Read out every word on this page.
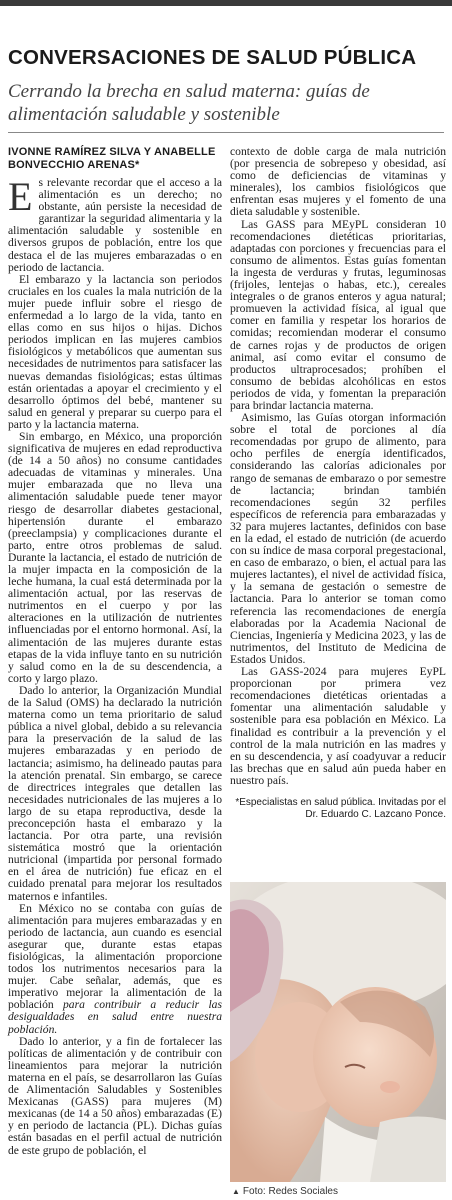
CONVERSACIONES DE SALUD PÚBLICA
Cerrando la brecha en salud materna: guías de alimentación saludable y sostenible
IVONNE RAMÍREZ SILVA Y ANABELLE BONVECCHIO ARENAS*

Es relevante recordar que el acceso a la alimentación es un derecho; no obstante, aún persiste la necesidad de garantizar la seguridad alimentaria y la alimentación saludable y sostenible en diversos grupos de población, entre los que destaca el de las mujeres embarazadas o en periodo de lactancia.

El embarazo y la lactancia son periodos cruciales en los cuales la mala nutrición de la mujer puede influir sobre el riesgo de enfermedad a lo largo de la vida, tanto en ellas como en sus hijos o hijas. Dichos periodos implican en las mujeres cambios fisiológicos y metabólicos que aumentan sus necesidades de nutrimentos para satisfacer las nuevas demandas fisiológicas; estas últimas están orientadas a apoyar el crecimiento y el desarrollo óptimos del bebé, mantener su salud en general y preparar su cuerpo para el parto y la lactancia materna.

Sin embargo, en México, una proporción significativa de mujeres en edad reproductiva (de 14 a 50 años) no consume cantidades adecuadas de vitaminas y minerales. Una mujer embarazada que no lleva una alimentación saludable puede tener mayor riesgo de desarrollar diabetes gestacional, hipertensión durante el embarazo (preeclampsia) y complicaciones durante el parto, entre otros problemas de salud. Durante la lactancia, el estado de nutrición de la mujer impacta en la composición de la leche humana, la cual está determinada por la alimentación actual, por las reservas de nutrimentos en el cuerpo y por las alteraciones en la utilización de nutrientes influenciadas por el entorno hormonal. Así, la alimentación de las mujeres durante estas etapas de la vida influye tanto en su nutrición y salud como en la de su descendencia, a corto y largo plazo.

Dado lo anterior, la Organización Mundial de la Salud (OMS) ha declarado la nutrición materna como un tema prioritario de salud pública a nivel global, debido a su relevancia para la preservación de la salud de las mujeres embarazadas y en periodo de lactancia; asimismo, ha delineado pautas para la atención prenatal. Sin embargo, se carece de directrices integrales que detallen las necesidades nutricionales de las mujeres a lo largo de su etapa reproductiva, desde la preconcepción hasta el embarazo y la lactancia. Por otra parte, una revisión sistemática mostró que la orientación nutricional (impartida por personal formado en el área de nutrición) fue eficaz en el cuidado prenatal para mejorar los resultados maternos e infantiles.

En México no se contaba con guías de alimentación para mujeres embarazadas y en periodo de lactancia, aun cuando es esencial asegurar que, durante estas etapas fisiológicas, la alimentación proporcione todos los nutrimentos necesarios para la mujer. Cabe señalar, además, que es imperativo mejorar la alimentación de la población para contribuir a reducir las desigualdades en salud entre nuestra población.

Dado lo anterior, y a fin de fortalecer las políticas de alimentación y de contribuir con lineamientos para mejorar la nutrición materna en el país, se desarrollaron las Guías de Alimentación Saludables y Sostenibles Mexicanas (GASS) para mujeres (M) mexicanas (de 14 a 50 años) embarazadas (E) y en periodo de lactancia (PL). Dichas guías están basadas en el perfil actual de nutrición de este grupo de población, el

contexto de doble carga de mala nutrición (por presencia de sobrepeso y obesidad, así como de deficiencias de vitaminas y minerales), los cambios fisiológicos que enfrentan esas mujeres y el fomento de una dieta saludable y sostenible.

Las GASS para MEyPL consideran 10 recomendaciones dietéticas prioritarias, adaptadas con porciones y frecuencias para el consumo de alimentos. Estas guías fomentan la ingesta de verduras y frutas, leguminosas (frijoles, lentejas o habas, etc.), cereales integrales o de granos enteros y agua natural; promueven la actividad física, al igual que comer en familia y respetar los horarios de comidas; recomiendan moderar el consumo de carnes rojas y de productos de origen animal, así como evitar el consumo de productos ultraprocesados; prohíben el consumo de bebidas alcohólicas en estos periodos de vida, y fomentan la preparación para brindar lactancia materna.

Asimismo, las Guías otorgan información sobre el total de porciones al día recomendadas por grupo de alimento, para ocho perfiles de energía identificados, considerando las calorías adicionales por rango de semanas de embarazo o por semestre de lactancia; brindan también recomendaciones según 32 perfiles específicos de referencia para embarazadas y 32 para mujeres lactantes, definidos con base en la edad, el estado de nutrición (de acuerdo con su índice de masa corporal pregestacional, en caso de embarazo, o bien, el actual para las mujeres lactantes), el nivel de actividad física, y la semana de gestación o semestre de lactancia. Para lo anterior se toman como referencia las recomendaciones de energía elaboradas por la Academia Nacional de Ciencias, Ingeniería y Medicina 2023, y las de nutrimentos, del Instituto de Medicina de Estados Unidos.

Las GASS-2024 para mujeres EyPL proporcionan por primera vez recomendaciones dietéticas orientadas a fomentar una alimentación saludable y sostenible para esa población en México. La finalidad es contribuir a la prevención y el control de la mala nutrición en las madres y en su descendencia, y así coadyuvar a reducir las brechas que en salud aún pueda haber en nuestro país.

*Especialistas en salud pública. Invitadas por el Dr. Eduardo C. Lazcano Ponce.
▲ Foto: Redes Sociales
